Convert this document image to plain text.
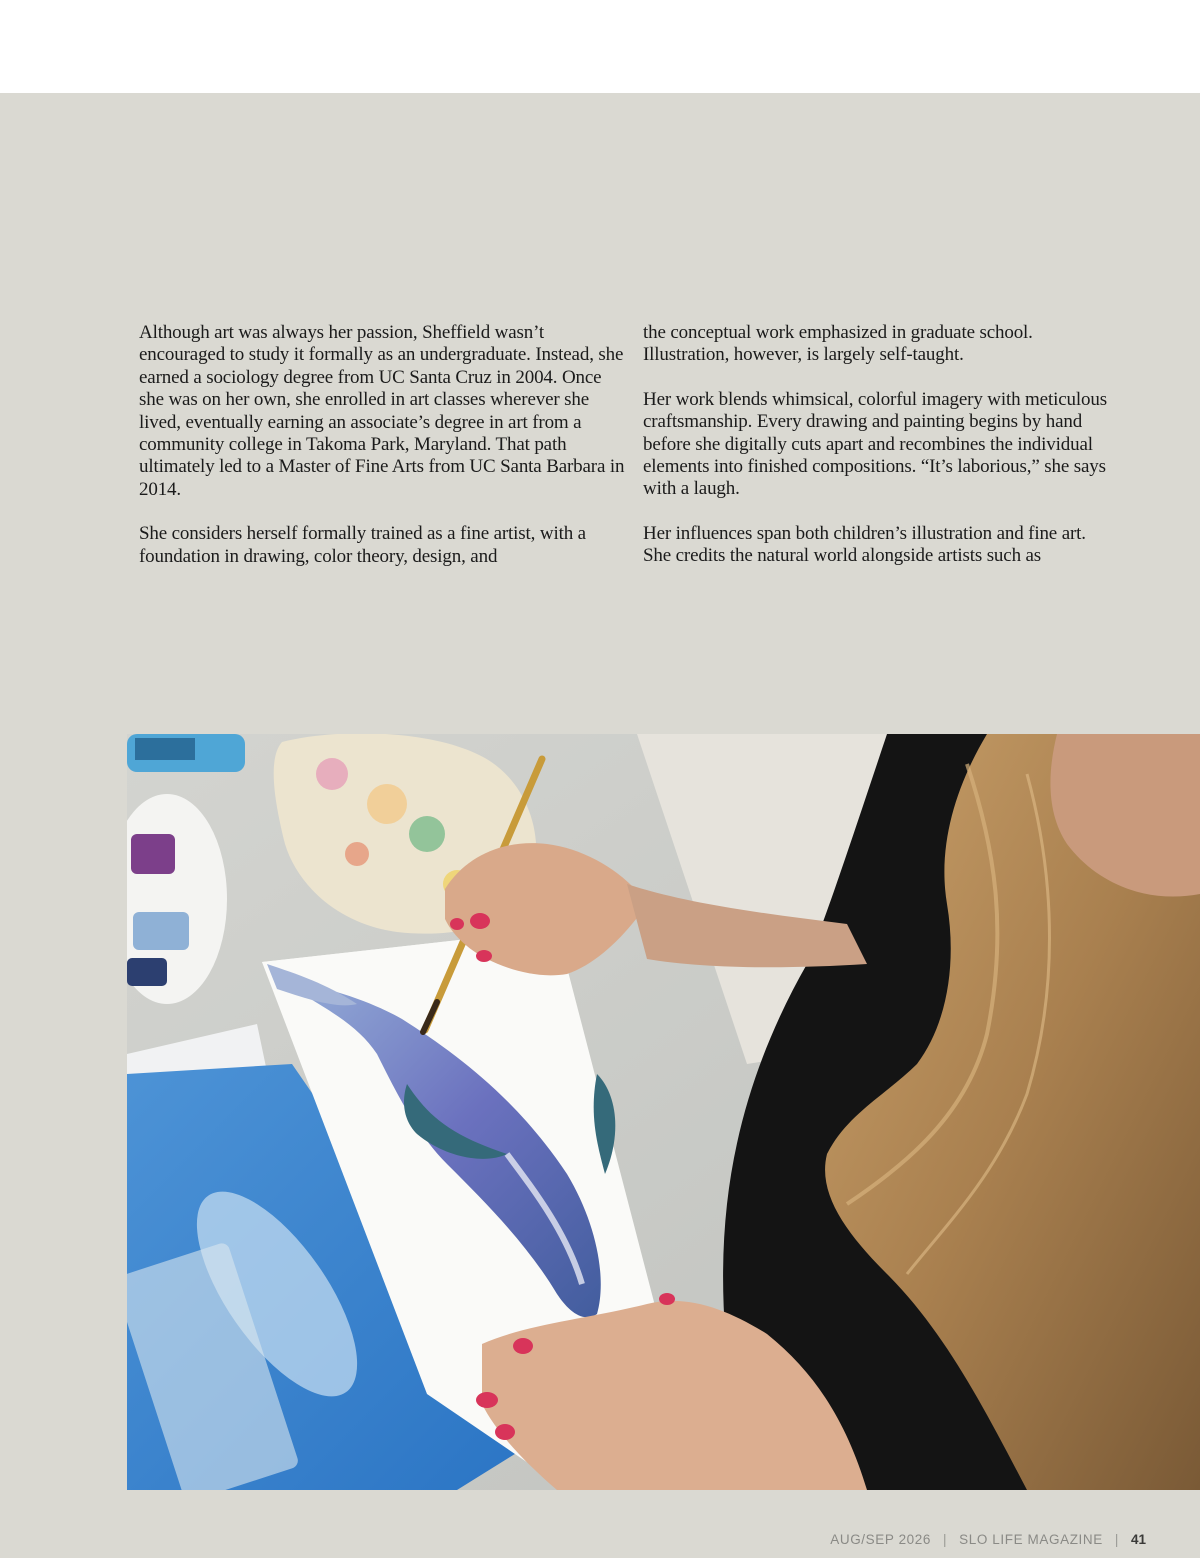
Although art was always her passion, Sheffield wasn’t encouraged to study it formally as an undergraduate. Instead, she earned a sociology degree from UC Santa Cruz in 2004. Once she was on her own, she enrolled in art classes wherever she lived, eventually earning an associate’s degree in art from a community college in Takoma Park, Maryland. That path ultimately led to a Master of Fine Arts from UC Santa Barbara in 2014.

She considers herself formally trained as a fine artist, with a foundation in drawing, color theory, design, and

the conceptual work emphasized in graduate school. Illustration, however, is largely self-taught.

Her work blends whimsical, colorful imagery with meticulous craftsmanship. Every drawing and painting begins by hand before she digitally cuts apart and recombines the individual elements into finished compositions. “It’s laborious,” she says with a laugh.

Her influences span both children’s illustration and fine art. She credits the natural world alongside artists such as

AUG/SEP 2026 | SLO LIFE MAGAZINE | 41
